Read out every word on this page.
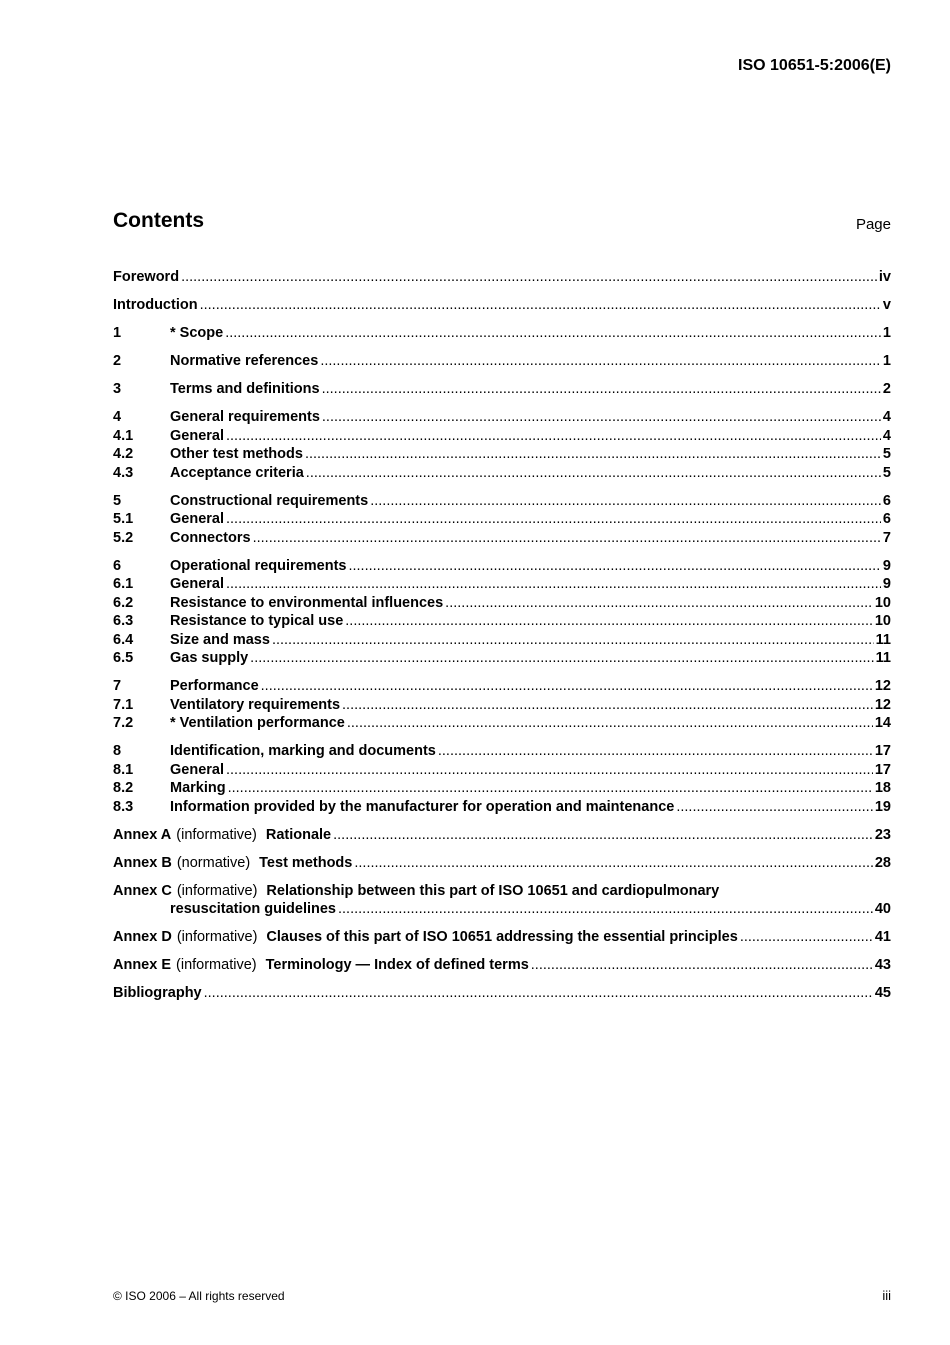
ISO 10651-5:2006(E)
Contents	Page
Foreword .....	iv
Introduction .....	v
1	* Scope .....	1
2	Normative references .....	1
3	Terms and definitions .....	2
4	General requirements .....	4
4.1	General .....	4
4.2	Other test methods .....	5
4.3	Acceptance criteria .....	5
5	Constructional requirements .....	6
5.1	General .....	6
5.2	Connectors .....	7
6	Operational requirements .....	9
6.1	General .....	9
6.2	Resistance to environmental influences .....	10
6.3	Resistance to typical use .....	10
6.4	Size and mass .....	11
6.5	Gas supply .....	11
7	Performance .....	12
7.1	Ventilatory requirements .....	12
7.2	* Ventilation performance .....	14
8	Identification, marking and documents .....	17
8.1	General .....	17
8.2	Marking .....	18
8.3	Information provided by the manufacturer for operation and maintenance .....	19
Annex A (informative) Rationale .....	23
Annex B (normative) Test methods .....	28
Annex C (informative) Relationship between this part of ISO 10651 and cardiopulmonary
resuscitation guidelines .....	40
Annex D (informative) Clauses of this part of ISO 10651 addressing the essential principles .....	41
Annex E (informative) Terminology — Index of defined terms .....	43
Bibliography .....	45
© ISO 2006 – All rights reserved	iii
